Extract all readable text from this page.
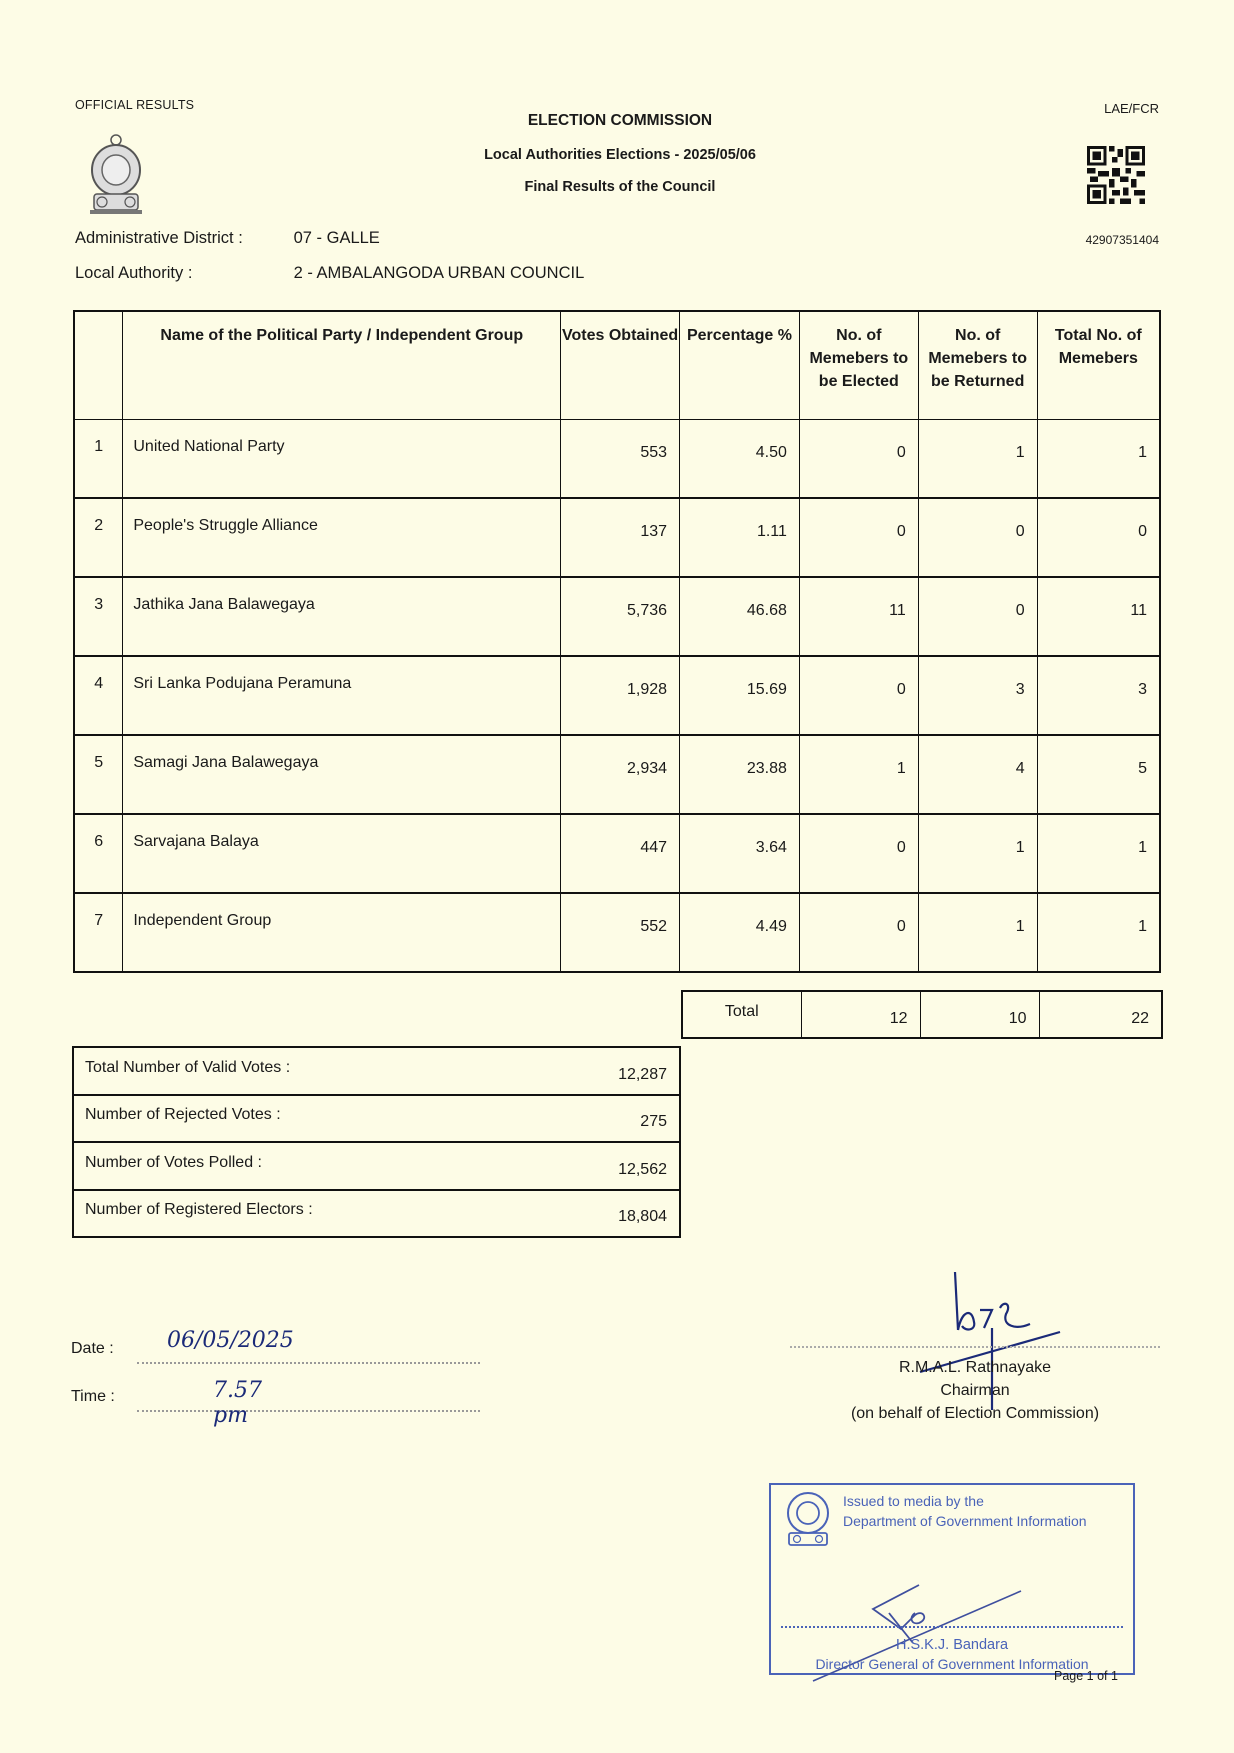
OFFICIAL RESULTS	LAE/FCR
42907351404
ELECTION COMMISSION
Local Authorities Elections - 2025/05/06
Final Results of the Council
Administrative District :	07 - GALLE
Local Authority :	2 - AMBALANGODA URBAN COUNCIL
	Name of the Political Party / Independent Group	Votes Obtained	Percentage %	No. of Memebers to be Elected	No. of Memebers to be Returned	Total No. of Memebers
1	United National Party	553	4.50	0	1	1
2	People's Struggle Alliance	137	1.11	0	0	0
3	Jathika Jana Balawegaya	5,736	46.68	11	0	11
4	Sri Lanka Podujana Peramuna	1,928	15.69	0	3	3
5	Samagi Jana Balawegaya	2,934	23.88	1	4	5
6	Sarvajana Balaya	447	3.64	0	1	1
7	Independent Group	552	4.49	0	1	1
Total	12	10	22
Total Number of Valid Votes :	12,287
Number of Rejected Votes :	275
Number of Votes Polled :	12,562
Number of Registered Electors :	18,804
Date : 06/05/2025
Time :	7.57 pm
R.M.A.L. Rathnayake
Chairman
(on behalf of Election Commission)
Issued to media by the
Department of Government Information
H.S.K.J. Bandara
Director General of Government Information
Page 1 of 1
